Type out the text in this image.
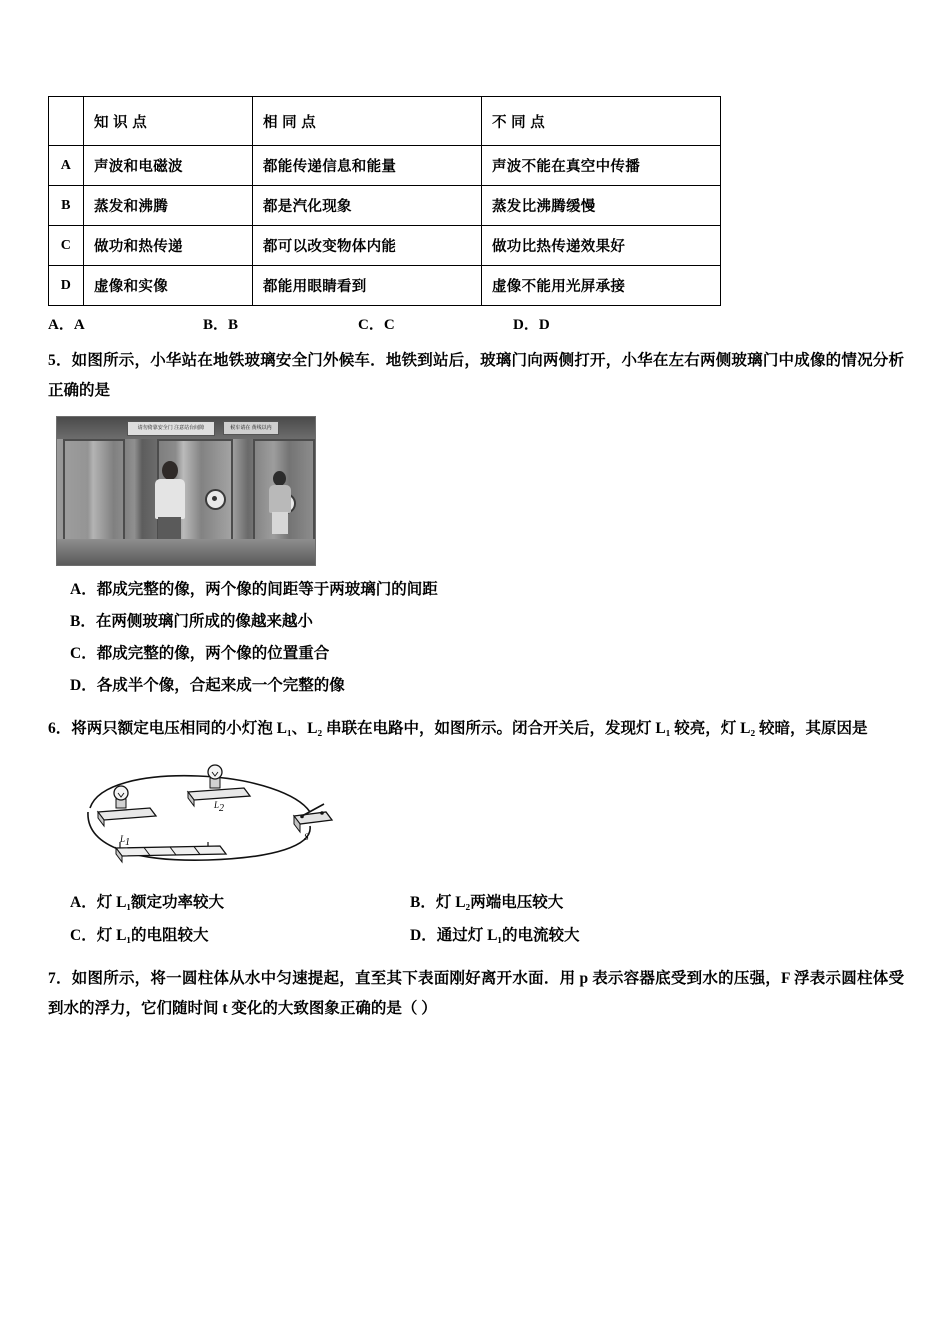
	知 识 点	相 同 点	不 同 点
A	声波和电磁波	都能传递信息和能量	声波不能在真空中传播
B	蒸发和沸腾	都是汽化现象	蒸发比沸腾缓慢
C	做功和热传递	都可以改变物体内能	做功比热传递效果好
D	虚像和实像	都能用眼睛看到	虚像不能用光屏承接
A．A	B．B	C．C	D．D
5．如图所示，小华站在地铁玻璃安全门外候车．地铁到站后，玻璃门向两侧打开，小华在左右两侧玻璃门中成像的情况分析正确的是
请勿倚靠安全门 注意站台间隙	候车请在 黄线以内
A．都成完整的像，两个像的间距等于两玻璃门的间距
B．在两侧玻璃门所成的像越来越小
C．都成完整的像，两个像的位置重合
D．各成半个像，合起来成一个完整的像
6．将两只额定电压相同的小灯泡 L₁、L₂ 串联在电路中，如图所示。闭合开关后，发现灯 L₁ 较亮，灯 L₂ 较暗，其原因是
$L_1$
$L_2$
S
A．灯 L₁额定功率较大	B．灯 L₂两端电压较大
C．灯 L₁的电阻较大	D．通过灯 L₁的电流较大
7．如图所示，将一圆柱体从水中匀速提起，直至其下表面刚好离开水面．用 p 表示容器底受到水的压强，F 浮表示圆柱体受到水的浮力，它们随时间 t 变化的大致图象正确的是（ ）
